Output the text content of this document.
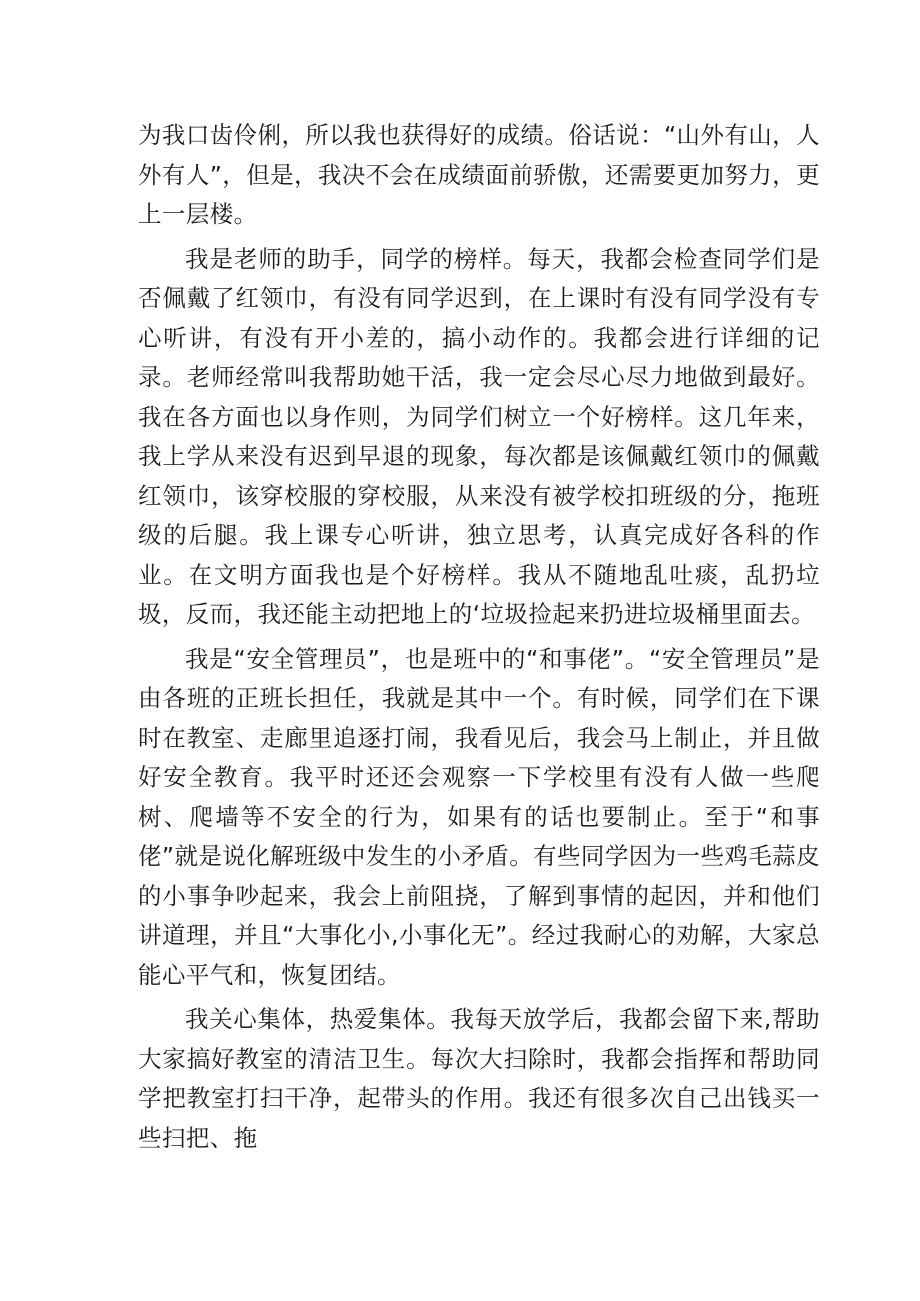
为我口齿伶俐，所以我也获得好的成绩。俗话说：“山外有山，人外有人”，但是，我决不会在成绩面前骄傲，还需要更加努力，更上一层楼。

我是老师的助手，同学的榜样。每天，我都会检查同学们是否佩戴了红领巾，有没有同学迟到，在上课时有没有同学没有专心听讲，有没有开小差的，搞小动作的。我都会进行详细的记录。老师经常叫我帮助她干活，我一定会尽心尽力地做到最好。我在各方面也以身作则，为同学们树立一个好榜样。这几年来，我上学从来没有迟到早退的现象，每次都是该佩戴红领巾的佩戴红领巾，该穿校服的穿校服，从来没有被学校扣班级的分，拖班级的后腿。我上课专心听讲，独立思考，认真完成好各科的作业。在文明方面我也是个好榜样。我从不随地乱吐痰，乱扔垃圾，反而，我还能主动把地上的‘垃圾捡起来扔进垃圾桶里面去。

我是“安全管理员”，也是班中的“和事佬”。“安全管理员”是由各班的正班长担任，我就是其中一个。有时候，同学们在下课时在教室、走廊里追逐打闹，我看见后，我会马上制止，并且做好安全教育。我平时还还会观察一下学校里有没有人做一些爬树、爬墙等不安全的行为，如果有的话也要制止。至于“和事佬”就是说化解班级中发生的小矛盾。有些同学因为一些鸡毛蒜皮的小事争吵起来，我会上前阻挠，了解到事情的起因，并和他们讲道理，并且“大事化小,小事化无”。经过我耐心的劝解，大家总能心平气和，恢复团结。

我关心集体，热爱集体。我每天放学后，我都会留下来,帮助大家搞好教室的清洁卫生。每次大扫除时，我都会指挥和帮助同学把教室打扫干净，起带头的作用。我还有很多次自己出钱买一些扫把、拖
